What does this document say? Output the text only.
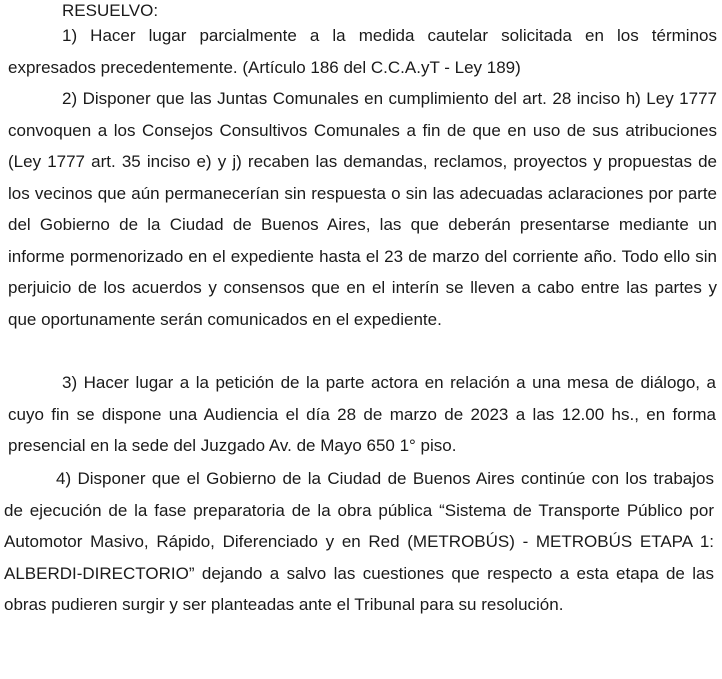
RESUELVO:

1) Hacer lugar parcialmente a la medida cautelar solicitada en los términos expresados precedentemente. (Artículo 186 del C.C.A.yT - Ley 189)

2) Disponer que las Juntas Comunales en cumplimiento del art. 28 inciso h) Ley 1777 convoquen a los Consejos Consultivos Comunales a fin de que en uso de sus atribuciones (Ley 1777 art. 35 inciso e) y j) recaben las demandas, reclamos, proyectos y propuestas de los vecinos que aún permanecerían sin respuesta o sin las adecuadas aclaraciones por parte del Gobierno de la Ciudad de Buenos Aires, las que deberán presentarse mediante un informe pormenorizado en el expediente hasta el 23 de marzo del corriente año. Todo ello sin perjuicio de los acuerdos y consensos que en el interín se lleven a cabo entre las partes y que oportunamente serán comunicados en el expediente.

3) Hacer lugar a la petición de la parte actora en relación a una mesa de diálogo, a cuyo fin se dispone una Audiencia el día 28 de marzo de 2023 a las 12.00 hs., en forma presencial en la sede del Juzgado Av. de Mayo 650 1° piso.

4) Disponer que el Gobierno de la Ciudad de Buenos Aires continúe con los trabajos de ejecución de la fase preparatoria de la obra pública “Sistema de Transporte Público por Automotor Masivo, Rápido, Diferenciado y en Red (METROBÚS) - METROBÚS ETAPA 1: ALBERDI-DIRECTORIO” dejando a salvo las cuestiones que respecto a esta etapa de las obras pudieren surgir y ser planteadas ante el Tribunal para su resolución.
